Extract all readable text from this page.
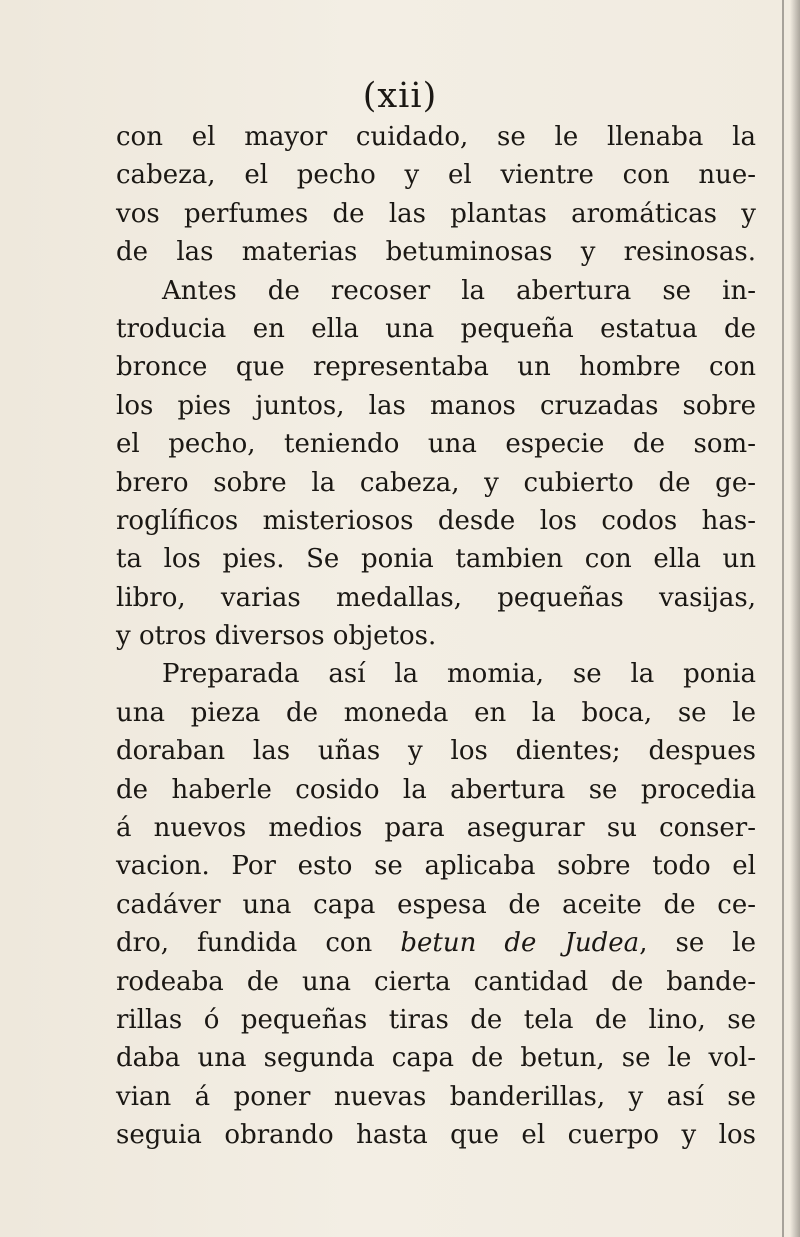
(xii)
con el mayor cuidado, se le llenaba la
cabeza, el pecho y el vientre con nue-
vos perfumes de las plantas aromáticas y
de las materias betuminosas y resinosas.
Antes de recoser la abertura se in-
troducia en ella una pequeña estatua de
bronce que representaba un hombre con
los pies juntos, las manos cruzadas sobre
el pecho, teniendo una especie de som-
brero sobre la cabeza, y cubierto de ge-
roglíficos misteriosos desde los codos has-
ta los pies. Se ponia tambien con ella un
libro, varias medallas, pequeñas vasijas,
y otros diversos objetos.
Preparada así la momia, se la ponia
una pieza de moneda en la boca, se le
doraban las uñas y los dientes; despues
de haberle cosido la abertura se procedia
á nuevos medios para asegurar su conser-
vacion. Por esto se aplicaba sobre todo el
cadáver una capa espesa de aceite de ce-
dro, fundida con betun de Judea, se le
rodeaba de una cierta cantidad de bande-
rillas ó pequeñas tiras de tela de lino, se
daba una segunda capa de betun, se le vol-
vian á poner nuevas banderillas, y así se
seguia obrando hasta que el cuerpo y los
